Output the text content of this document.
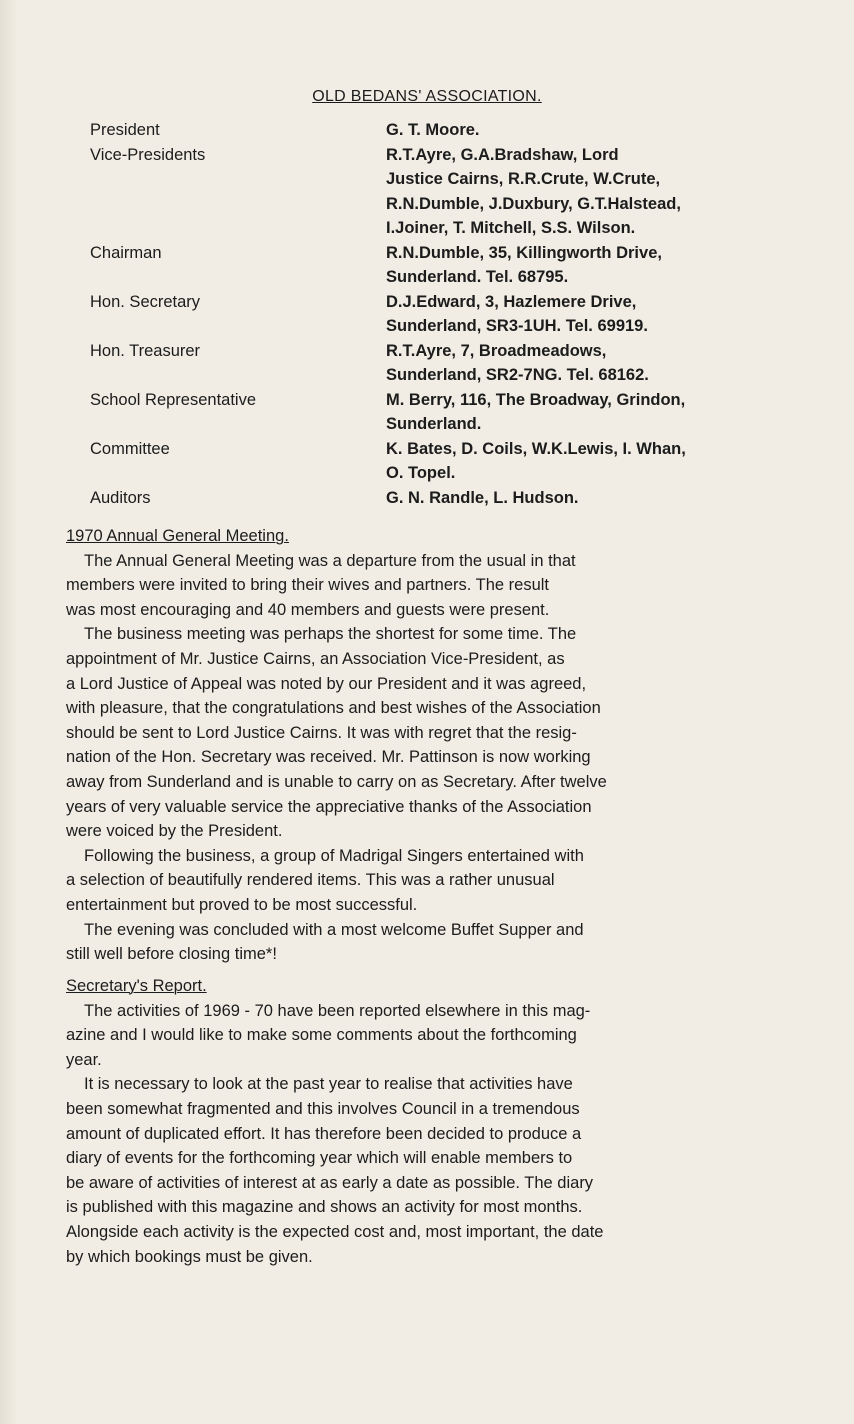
OLD BEDANS' ASSOCIATION.
President	G. T. Moore.
Vice-Presidents	R.T.Ayre, G.A.Bradshaw, Lord
Justice Cairns, R.R.Crute, W.Crute,
R.N.Dumble, J.Duxbury, G.T.Halstead,
I.Joiner, T. Mitchell, S.S. Wilson.
Chairman	R.N.Dumble, 35, Killingworth Drive,
Sunderland. Tel. 68795.
Hon. Secretary	D.J.Edward, 3, Hazlemere Drive,
Sunderland, SR3-1UH. Tel. 69919.
Hon. Treasurer	R.T.Ayre, 7, Broadmeadows,
Sunderland, SR2-7NG. Tel. 68162.
School Representative	M. Berry, 116, The Broadway, Grindon,
Sunderland.
Committee	K. Bates, D. Coils, W.K.Lewis, I. Whan,
O. Topel.
Auditors	G. N. Randle, L. Hudson.
1970 Annual General Meeting.

The Annual General Meeting was a departure from the usual in that
members were invited to bring their wives and partners. The result
was most encouraging and 40 members and guests were present.

The business meeting was perhaps the shortest for some time. The
appointment of Mr. Justice Cairns, an Association Vice-President, as
a Lord Justice of Appeal was noted by our President and it was agreed,
with pleasure, that the congratulations and best wishes of the Association
should be sent to Lord Justice Cairns. It was with regret that the resig-
nation of the Hon. Secretary was received. Mr. Pattinson is now working
away from Sunderland and is unable to carry on as Secretary. After twelve
years of very valuable service the appreciative thanks of the Association
were voiced by the President.

Following the business, a group of Madrigal Singers entertained with
a selection of beautifully rendered items. This was a rather unusual
entertainment but proved to be most successful.

The evening was concluded with a most welcome Buffet Supper and
still well before closing time*!

Secretary's Report.

The activities of 1969 - 70 have been reported elsewhere in this mag-
azine and I would like to make some comments about the forthcoming
year.

It is necessary to look at the past year to realise that activities have
been somewhat fragmented and this involves Council in a tremendous
amount of duplicated effort. It has therefore been decided to produce a
diary of events for the forthcoming year which will enable members to
be aware of activities of interest at as early a date as possible. The diary
is published with this magazine and shows an activity for most months.
Alongside each activity is the expected cost and, most important, the date
by which bookings must be given.
